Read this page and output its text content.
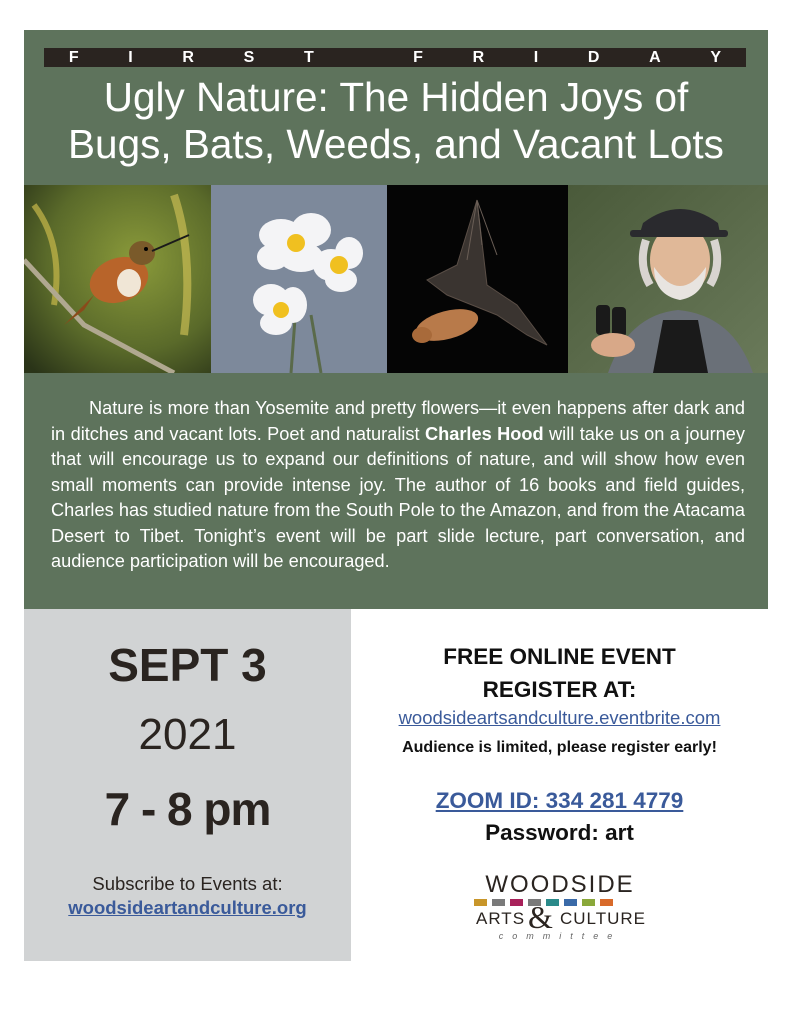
F	I	R	S	T	F	R	I	D	A	Y
Ugly Nature: The Hidden Joys of
Bugs, Bats, Weeds, and Vacant Lots

Nature is more than Yosemite and pretty flowers—it even happens after dark and in ditches and vacant lots. Poet and naturalist Charles Hood will take us on a journey that will encourage us to expand our definitions of nature, and will show how even small moments can provide intense joy. The author of 16 books and field guides, Charles has studied nature from the South Pole to the Amazon, and from the Atacama Desert to Tibet. Tonight’s event will be part slide lecture, part conversation, and audience participation will be encouraged.

SEPT 3
2021
7 - 8 pm
Subscribe to Events at:
woodsideartandculture.org
FREE ONLINE EVENT
REGISTER AT:
woodsideartsandculture.eventbrite.com
Audience is limited, please register early!
ZOOM ID: 334 281 4779
Password: art
WOODSIDE
ARTS & CULTURE
committee
